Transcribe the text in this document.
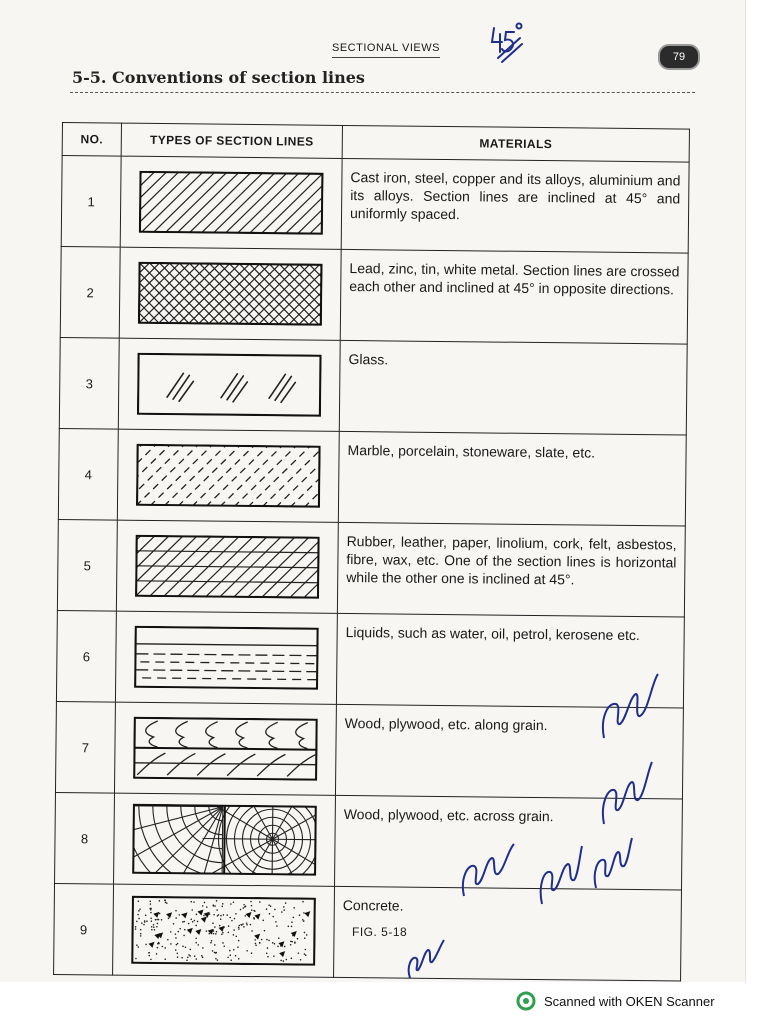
SECTIONAL VIEWS
79
5-5. Conventions of section lines
NO.	TYPES OF SECTION LINES	MATERIALS
1		Cast iron, steel, copper and its alloys, aluminium and its alloys. Section lines are inclined at 45° and uniformly spaced.
2		Lead, zinc, tin, white metal. Section lines are crossed each other and inclined at 45° in opposite directions.
3		Glass.
4		Marble, porcelain, stoneware, slate, etc.
5		Rubber, leather, paper, linolium, cork, felt, asbestos, fibre, wax, etc. One of the section lines is horizontal while the other one is inclined at 45°.
6		Liquids, such as water, oil, petrol, kerosene etc.
7		Wood, plywood, etc. along grain.
8		Wood, plywood, etc. across grain.
9		Concrete.
FIG. 5-18
Scanned with OKEN Scanner
